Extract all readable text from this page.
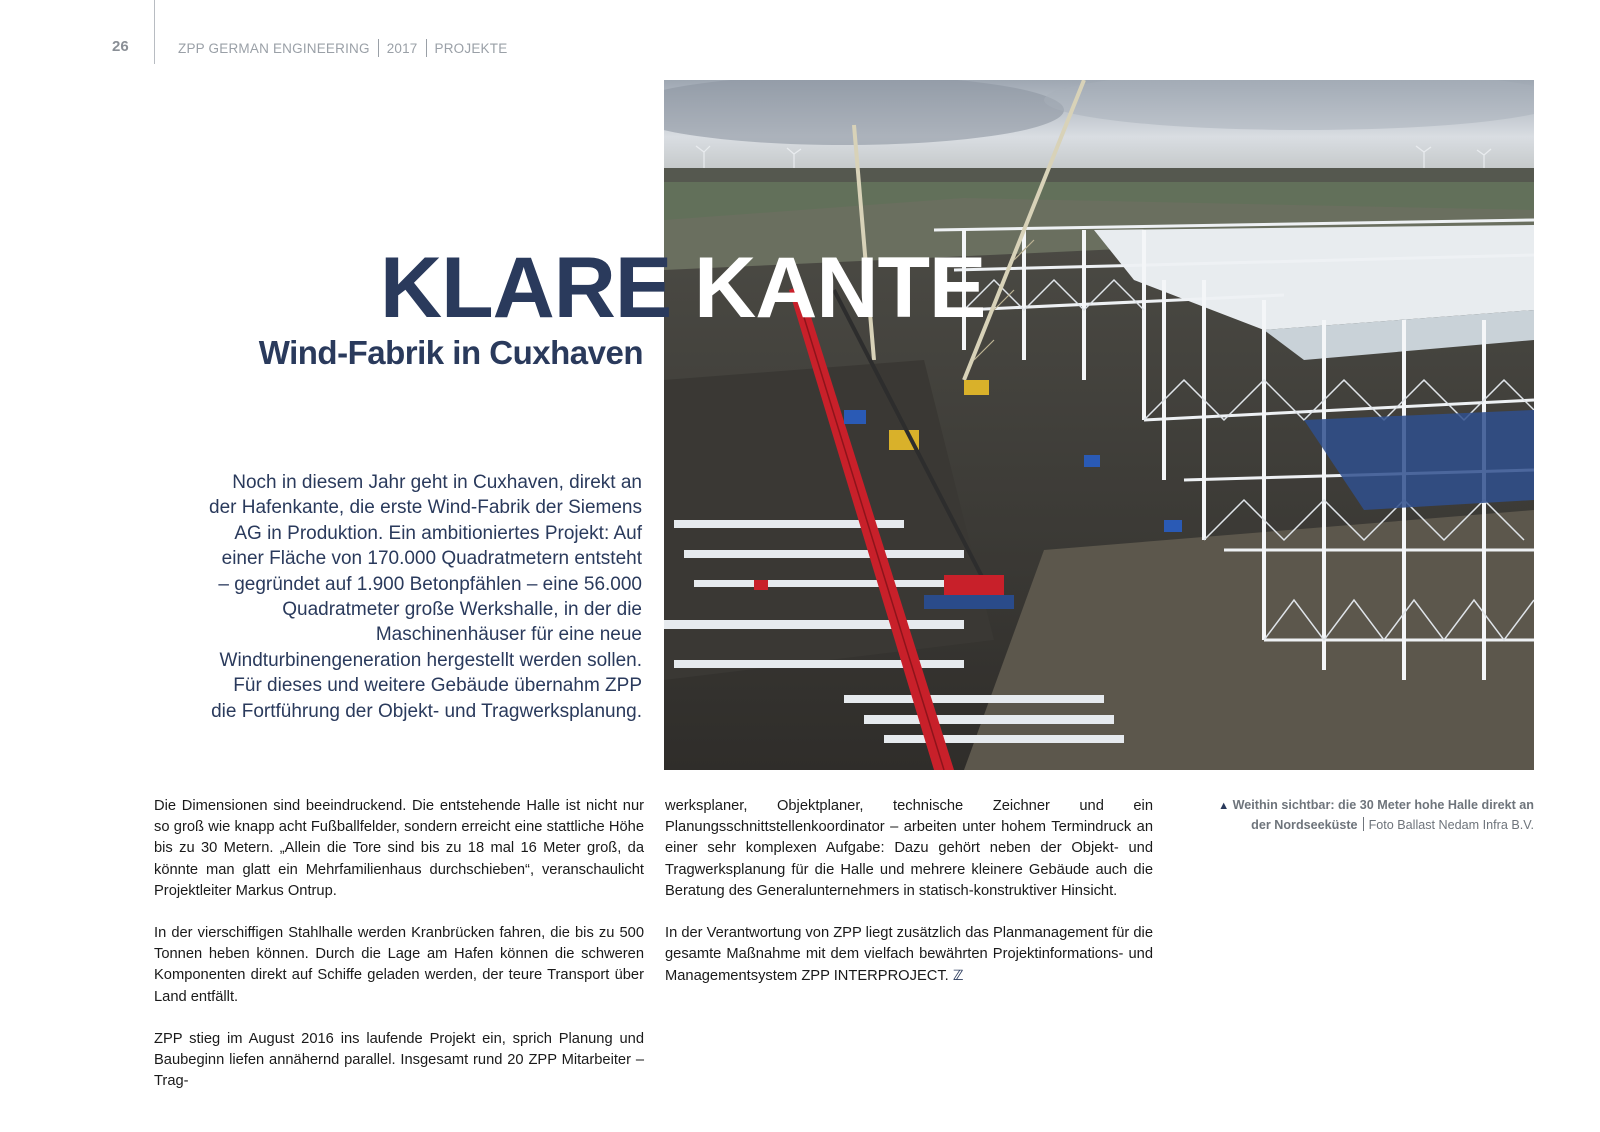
26	ZPP GERMAN ENGINEERING 2017 PROJEKTE
KLARE KANTE
Wind-Fabrik in Cuxhaven

Noch in diesem Jahr geht in Cuxhaven, direkt an der Hafenkante, die erste Wind-Fabrik der Siemens AG in Produktion. Ein ambitioniertes Projekt: Auf einer Fläche von 170.000 Quadratmetern entsteht – gegründet auf 1.900 Betonpfählen – eine 56.000 Quadratmeter große Werkshalle, in der die Maschinenhäuser für eine neue Windturbinengeneration hergestellt werden sollen. Für dieses und weitere Gebäude übernahm ZPP die Fortführung der Objekt- und Tragwerksplanung.

Die Dimensionen sind beeindruckend. Die entstehende Halle ist nicht nur so groß wie knapp acht Fußballfelder, sondern erreicht eine stattliche Höhe bis zu 30 Metern. „Allein die Tore sind bis zu 18 mal 16 Meter groß, da könnte man glatt ein Mehrfamilienhaus durchschieben“, veranschaulicht Projektleiter Markus Ontrup.

In der vierschiffigen Stahlhalle werden Kranbrücken fahren, die bis zu 500 Tonnen heben können. Durch die Lage am Hafen können die schweren Komponenten direkt auf Schiffe geladen werden, der teure Transport über Land entfällt.

ZPP stieg im August 2016 ins laufende Projekt ein, sprich Planung und Baubeginn liefen annähernd parallel. Insgesamt rund 20 ZPP Mitarbeiter – Trag-

werksplaner, Objektplaner, technische Zeichner und ein Planungsschnittstellenkoordinator – arbeiten unter hohem Termindruck an einer sehr komplexen Aufgabe: Dazu gehört neben der Objekt- und Tragwerksplanung für die Halle und mehrere kleinere Gebäude auch die Beratung des Generalunternehmers in statisch-konstruktiver Hinsicht.

In der Verantwortung von ZPP liegt zusätzlich das Planmanagement für die gesamte Maßnahme mit dem vielfach bewährten Projektinformations- und Managementsystem ZPP INTERPROJECT. ℤ

▲ Weithin sichtbar: die 30 Meter hohe Halle direkt an der Nordseeküste Foto Ballast Nedam Infra B.V.
